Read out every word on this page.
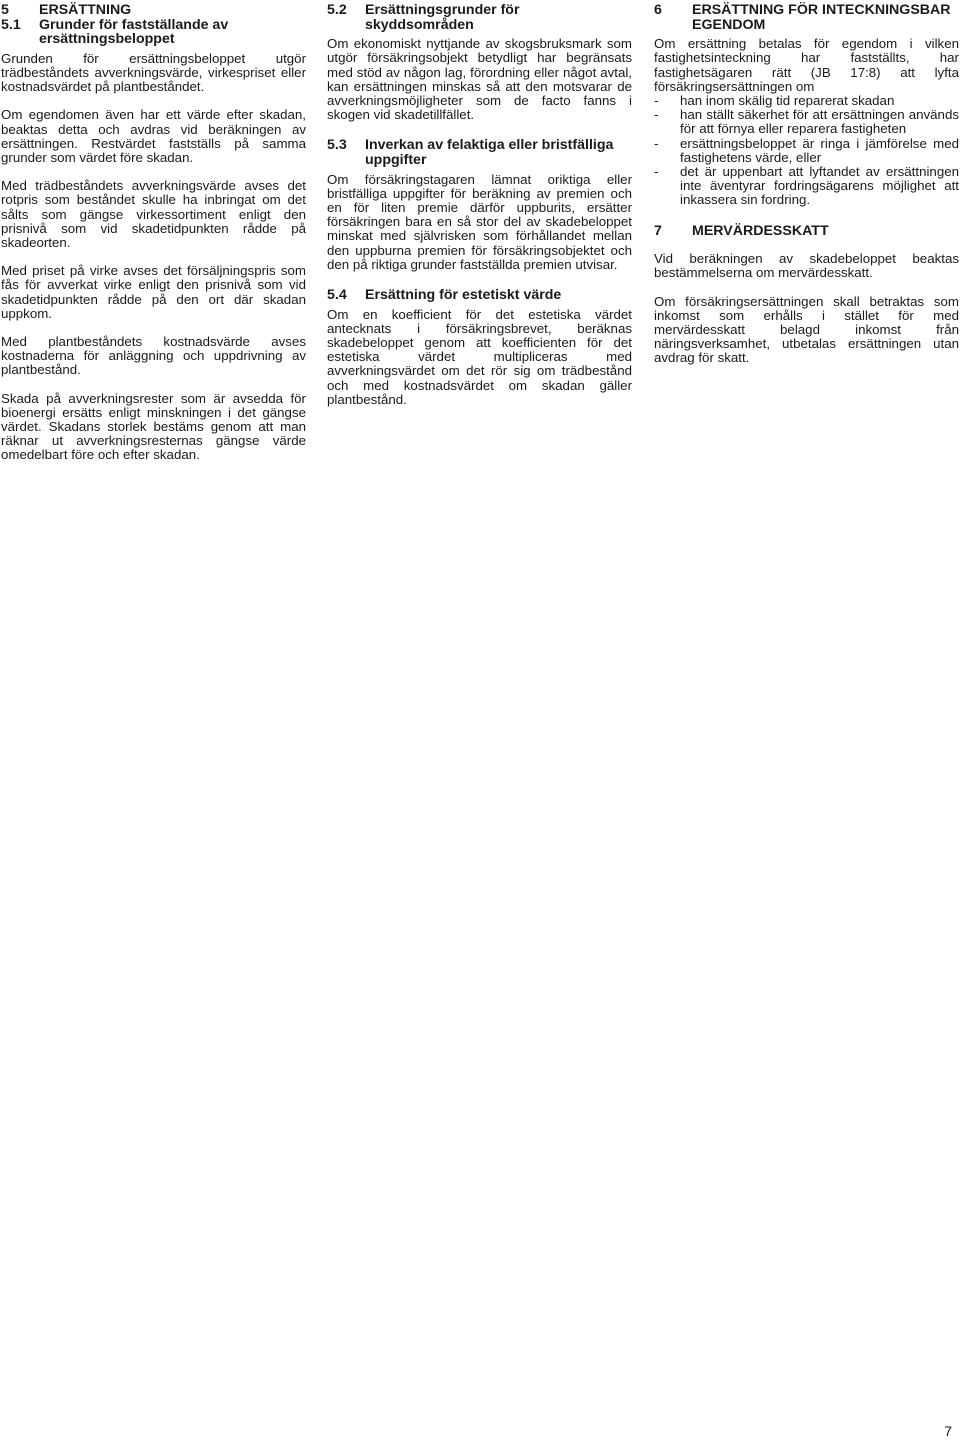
5	ERSÄTTNING
5.1	Grunder för fastställande av ersättningsbeloppet

Grunden för ersättningsbeloppet utgör trädbeståndets avverkningsvärde, virkespriset eller kostnadsvärdet på plantbeståndet.

Om egendomen även har ett värde efter skadan, beaktas detta och avdras vid beräkningen av ersättningen. Restvärdet fastställs på samma grunder som värdet före skadan.

Med trädbeståndets avverkningsvärde avses det rotpris som beståndet skulle ha inbringat om det sålts som gängse virkessortiment enligt den prisnivå som vid skadetidpunkten rådde på skadeorten.

Med priset på virke avses det försäljningspris som fås för avverkat virke enligt den prisnivå som vid skadetidpunkten rådde på den ort där skadan uppkom.

Med plantbeståndets kostnadsvärde avses kostnaderna för anläggning och uppdrivning av plantbestånd.

Skada på avverkningsrester som är avsedda för bioenergi ersätts enligt minskningen i det gängse värdet. Skadans storlek bestäms genom att man räknar ut avverkningsresternas gängse värde omedelbart före och efter skadan.

5.2	Ersättningsgrunder för skyddsområden

Om ekonomiskt nyttjande av skogsbruksmark som utgör försäkringsobjekt betydligt har begränsats med stöd av någon lag, förordning eller något avtal, kan ersättningen minskas så att den motsvarar de avverkningsmöjligheter som de facto fanns i skogen vid skadetillfället.

5.3	Inverkan av felaktiga eller bristfälliga uppgifter

Om försäkringstagaren lämnat oriktiga eller bristfälliga uppgifter för beräkning av premien och en för liten premie därför uppburits, ersätter försäkringen bara en så stor del av skadebeloppet minskat med självrisken som förhållandet mellan den uppburna premien för försäkringsobjektet och den på riktiga grunder fastställda premien utvisar.

5.4	Ersättning för estetiskt värde

Om en koefficient för det estetiska värdet antecknats i försäkringsbrevet, beräknas skadebeloppet genom att koefficienten för det estetiska värdet multipliceras med avverkningsvärdet om det rör sig om trädbestånd och med kostnadsvärdet om skadan gäller plantbestånd.

6	ERSÄTTNING FÖR INTECKNINGSBAR EGENDOM

Om ersättning betalas för egendom i vilken fastighetsinteckning har fastställts, har fastighetsägaren rätt (JB 17:8) att lyfta försäkringsersättningen om

-	han inom skälig tid reparerat skadan
-	han ställt säkerhet för att ersättningen används för att förnya eller reparera fastigheten
-	ersättningsbeloppet är ringa i jämförelse med fastighetens värde, eller
-	det är uppenbart att lyftandet av ersättningen inte äventyrar fordringsägarens möjlighet att inkassera sin fordring.
7	MERVÄRDESSKATT

Vid beräkningen av skadebeloppet beaktas bestämmelserna om mervärdesskatt.

Om försäkringsersättningen skall betraktas som inkomst som erhålls i stället för med mervärdesskatt belagd inkomst från näringsverksamhet, utbetalas ersättningen utan avdrag för skatt.

7
